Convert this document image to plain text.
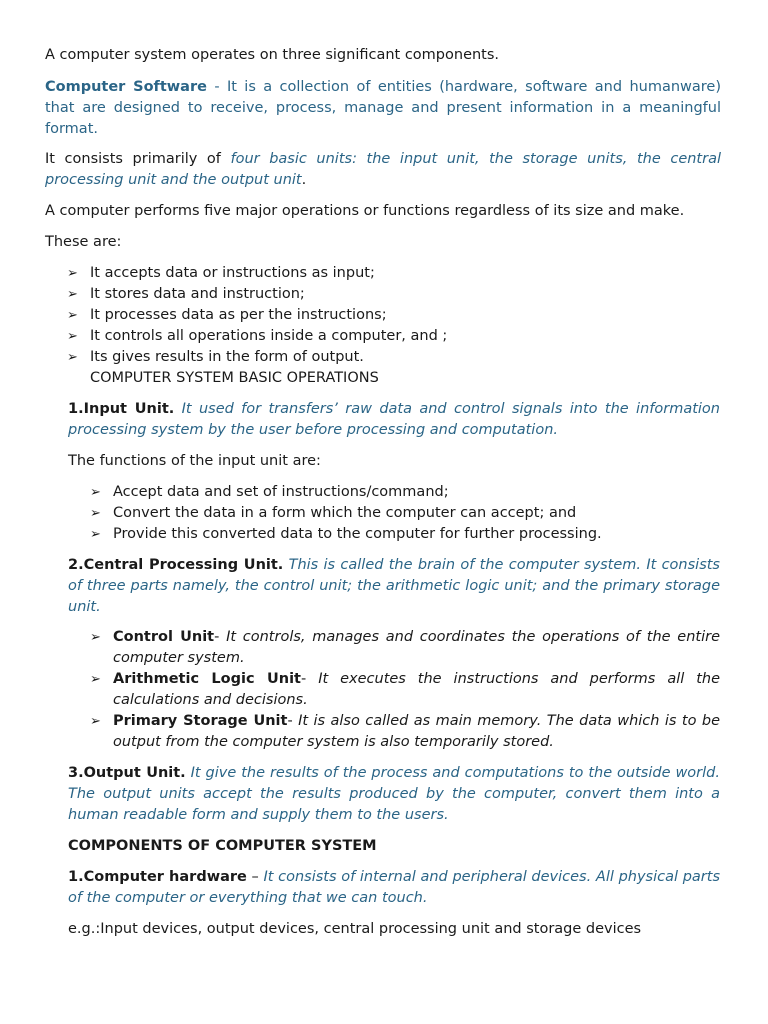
A computer system operates on three significant components.

Computer Software - It is a collection of entities (hardware, software and humanware) that are designed to receive, process, manage and present information in a meaningful format.

It consists primarily of four basic units: the input unit, the storage units, the central processing unit and the output unit.

A computer performs five major operations or functions regardless of its size and make.

These are:

➢ It accepts data or instructions as input;
➢ It stores data and instruction;
➢ It processes data as per the instructions;
➢ It controls all operations inside a computer, and ;
➢ Its gives results in the form of output.

COMPUTER SYSTEM BASIC OPERATIONS

1.Input Unit. It used for transfers’ raw data and control signals into the information processing system by the user before processing and computation.

The functions of the input unit are:

➢ Accept data and set of instructions/command;
➢ Convert the data in a form which the computer can accept; and
➢ Provide this converted data to the computer for further processing.

2.Central Processing Unit. This is called the brain of the computer system. It consists of three parts namely, the control unit; the arithmetic logic unit; and the primary storage unit.

➢ Control Unit- It controls, manages and coordinates the operations of the entire computer system.
➢ Arithmetic Logic Unit- It executes the instructions and performs all the calculations and decisions.
➢ Primary Storage Unit- It is also called as main memory. The data which is to be output from the computer system is also temporarily stored.

3.Output Unit. It give the results of the process and computations to the outside world. The output units accept the results produced by the computer, convert them into a human readable form and supply them to the users.

COMPONENTS OF COMPUTER SYSTEM

1.Computer hardware – It consists of internal and peripheral devices. All physical parts of the computer or everything that we can touch.

e.g.:Input devices, output devices, central processing unit and storage devices
